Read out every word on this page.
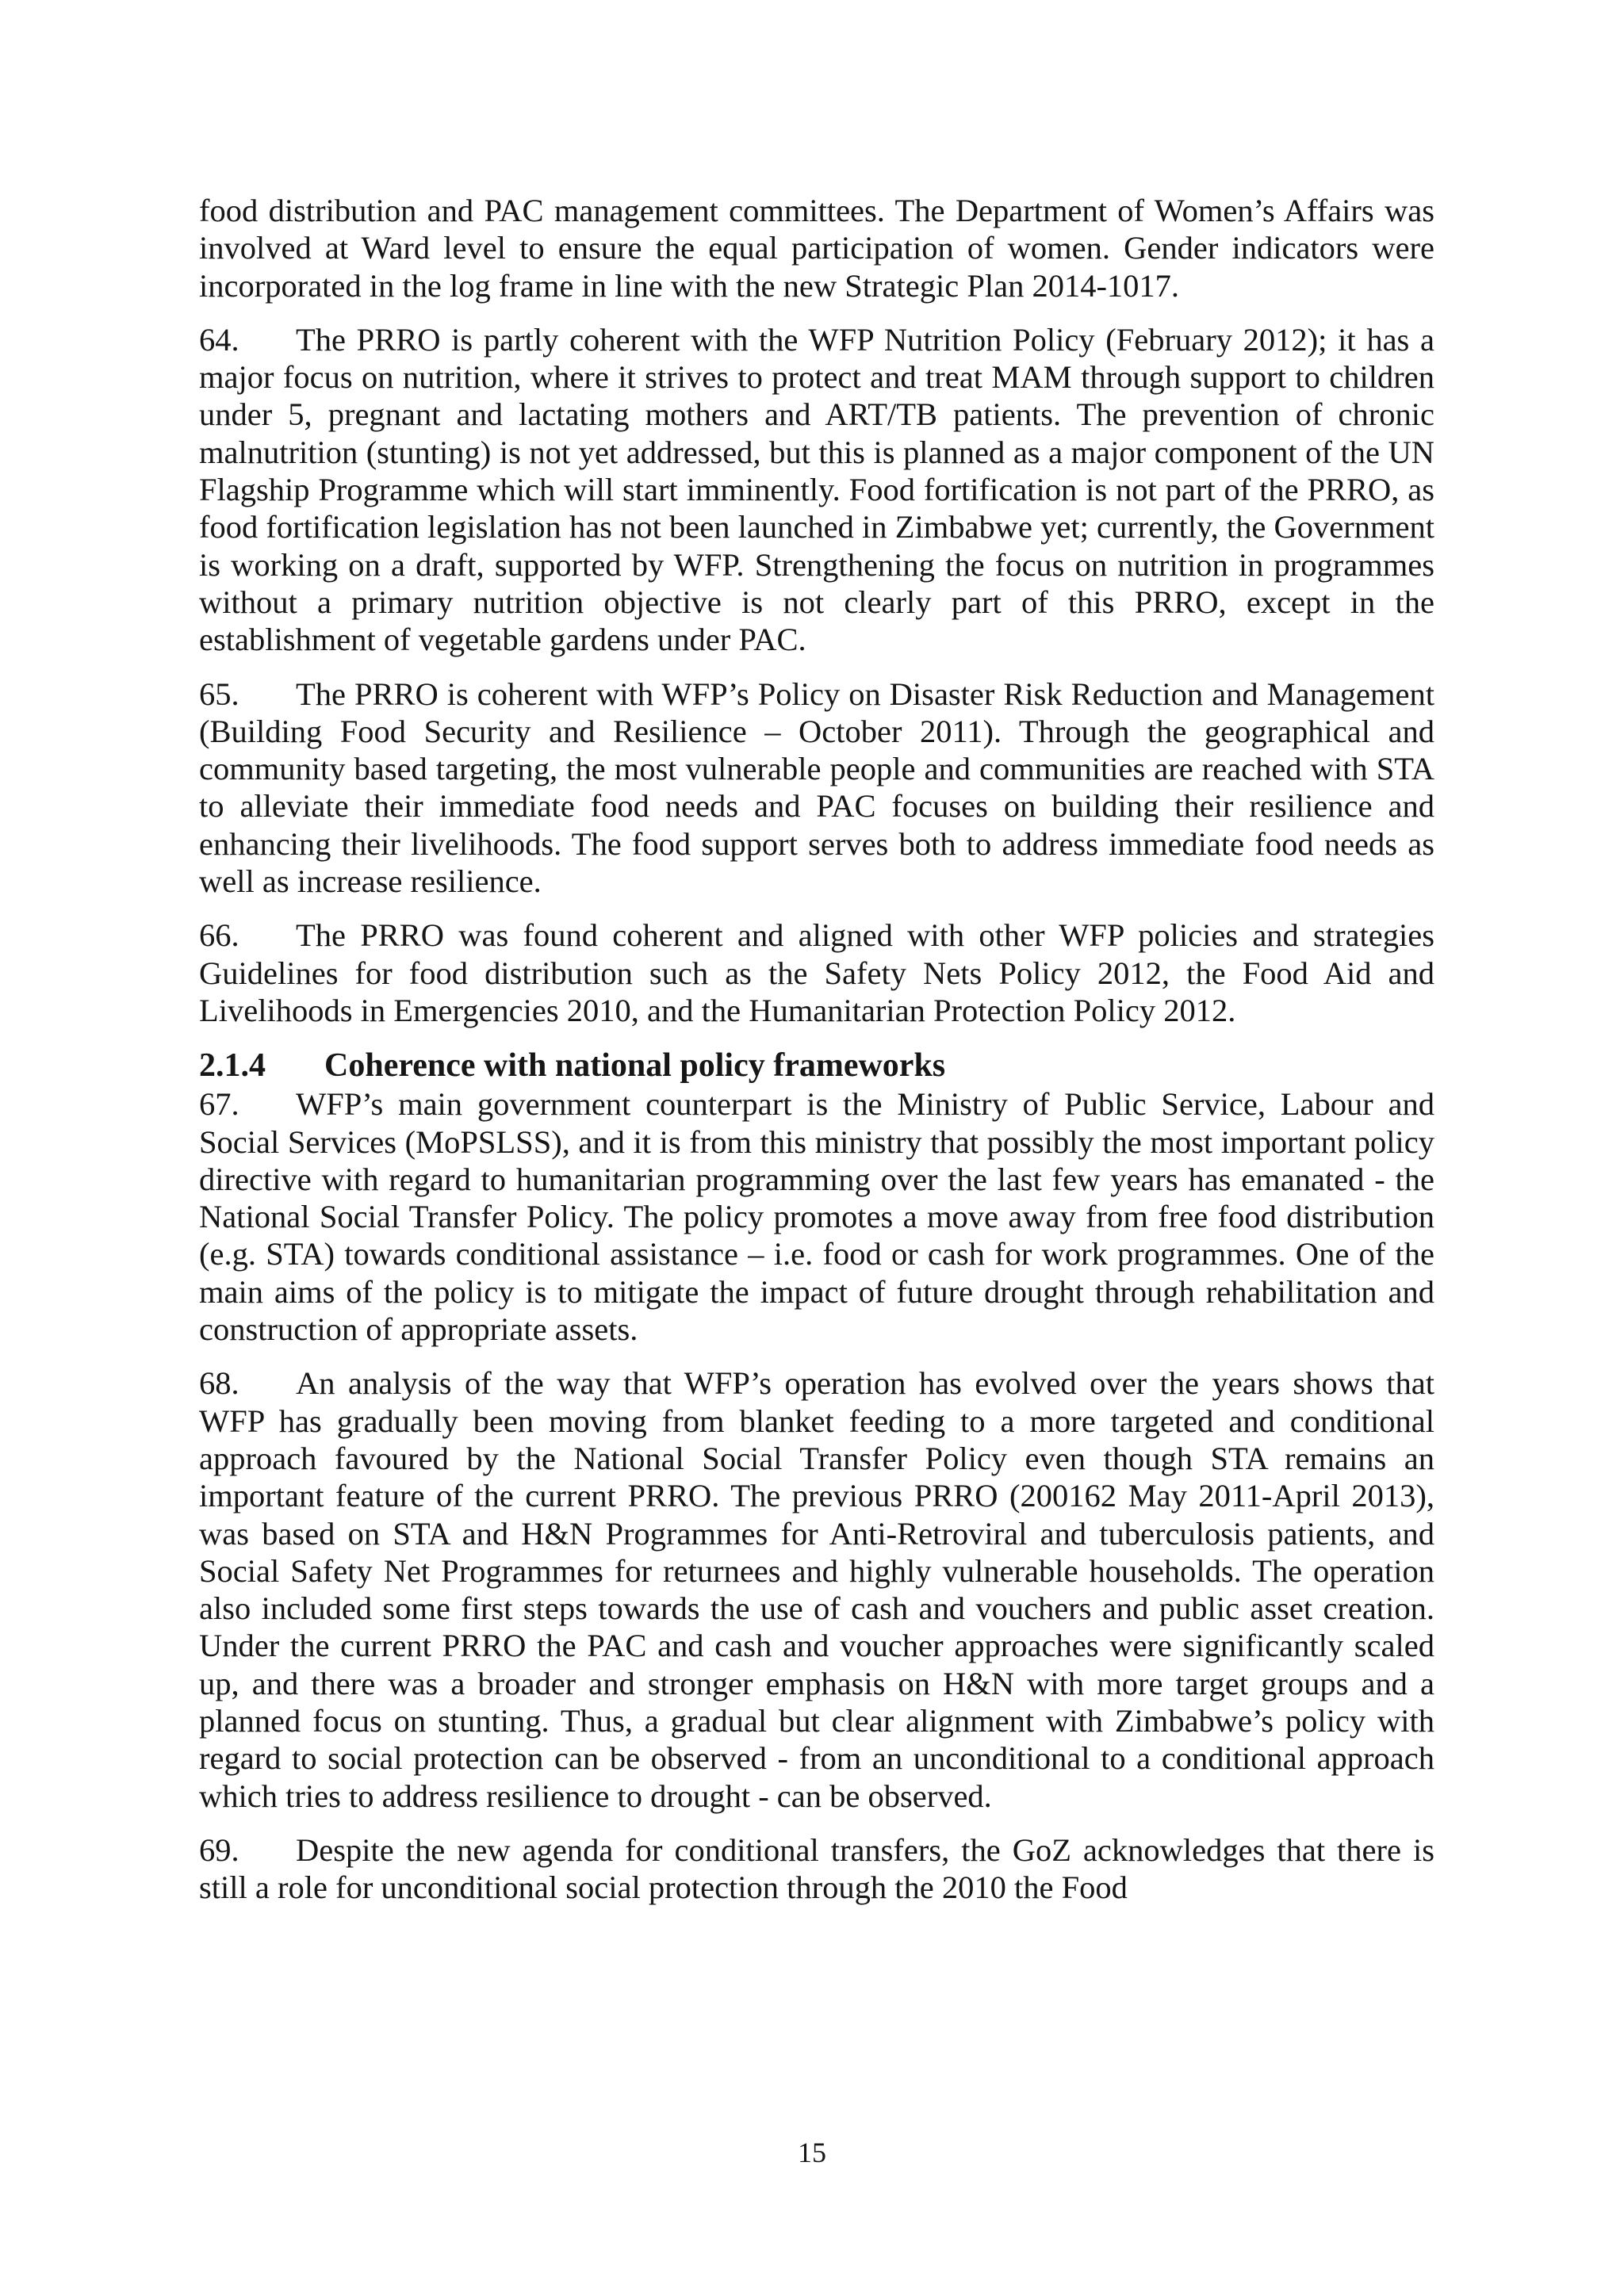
food distribution and PAC management committees. The Department of Women’s Affairs was involved at Ward level to ensure the equal participation of women. Gender indicators were incorporated in the log frame in line with the new Strategic Plan 2014-1017.

64. The PRRO is partly coherent with the WFP Nutrition Policy (February 2012); it has a major focus on nutrition, where it strives to protect and treat MAM through support to children under 5, pregnant and lactating mothers and ART/TB patients. The prevention of chronic malnutrition (stunting) is not yet addressed, but this is planned as a major component of the UN Flagship Programme which will start imminently. Food fortification is not part of the PRRO, as food fortification legislation has not been launched in Zimbabwe yet; currently, the Government is working on a draft, supported by WFP. Strengthening the focus on nutrition in programmes without a primary nutrition objective is not clearly part of this PRRO, except in the establishment of vegetable gardens under PAC.

65. The PRRO is coherent with WFP’s Policy on Disaster Risk Reduction and Management (Building Food Security and Resilience – October 2011). Through the geographical and community based targeting, the most vulnerable people and communities are reached with STA to alleviate their immediate food needs and PAC focuses on building their resilience and enhancing their livelihoods. The food support serves both to address immediate food needs as well as increase resilience.

66. The PRRO was found coherent and aligned with other WFP policies and strategies Guidelines for food distribution such as the Safety Nets Policy 2012, the Food Aid and Livelihoods in Emergencies 2010, and the Humanitarian Protection Policy 2012.

2.1.4 Coherence with national policy frameworks

67. WFP’s main government counterpart is the Ministry of Public Service, Labour and Social Services (MoPSLSS), and it is from this ministry that possibly the most important policy directive with regard to humanitarian programming over the last few years has emanated - the National Social Transfer Policy. The policy promotes a move away from free food distribution (e.g. STA) towards conditional assistance – i.e. food or cash for work programmes. One of the main aims of the policy is to mitigate the impact of future drought through rehabilitation and construction of appropriate assets.

68. An analysis of the way that WFP’s operation has evolved over the years shows that WFP has gradually been moving from blanket feeding to a more targeted and conditional approach favoured by the National Social Transfer Policy even though STA remains an important feature of the current PRRO. The previous PRRO (200162 May 2011-April 2013), was based on STA and H&N Programmes for Anti-Retroviral and tuberculosis patients, and Social Safety Net Programmes for returnees and highly vulnerable households. The operation also included some first steps towards the use of cash and vouchers and public asset creation. Under the current PRRO the PAC and cash and voucher approaches were significantly scaled up, and there was a broader and stronger emphasis on H&N with more target groups and a planned focus on stunting. Thus, a gradual but clear alignment with Zimbabwe’s policy with regard to social protection can be observed - from an unconditional to a conditional approach which tries to address resilience to drought - can be observed.

69. Despite the new agenda for conditional transfers, the GoZ acknowledges that there is still a role for unconditional social protection through the 2010 the Food

15
